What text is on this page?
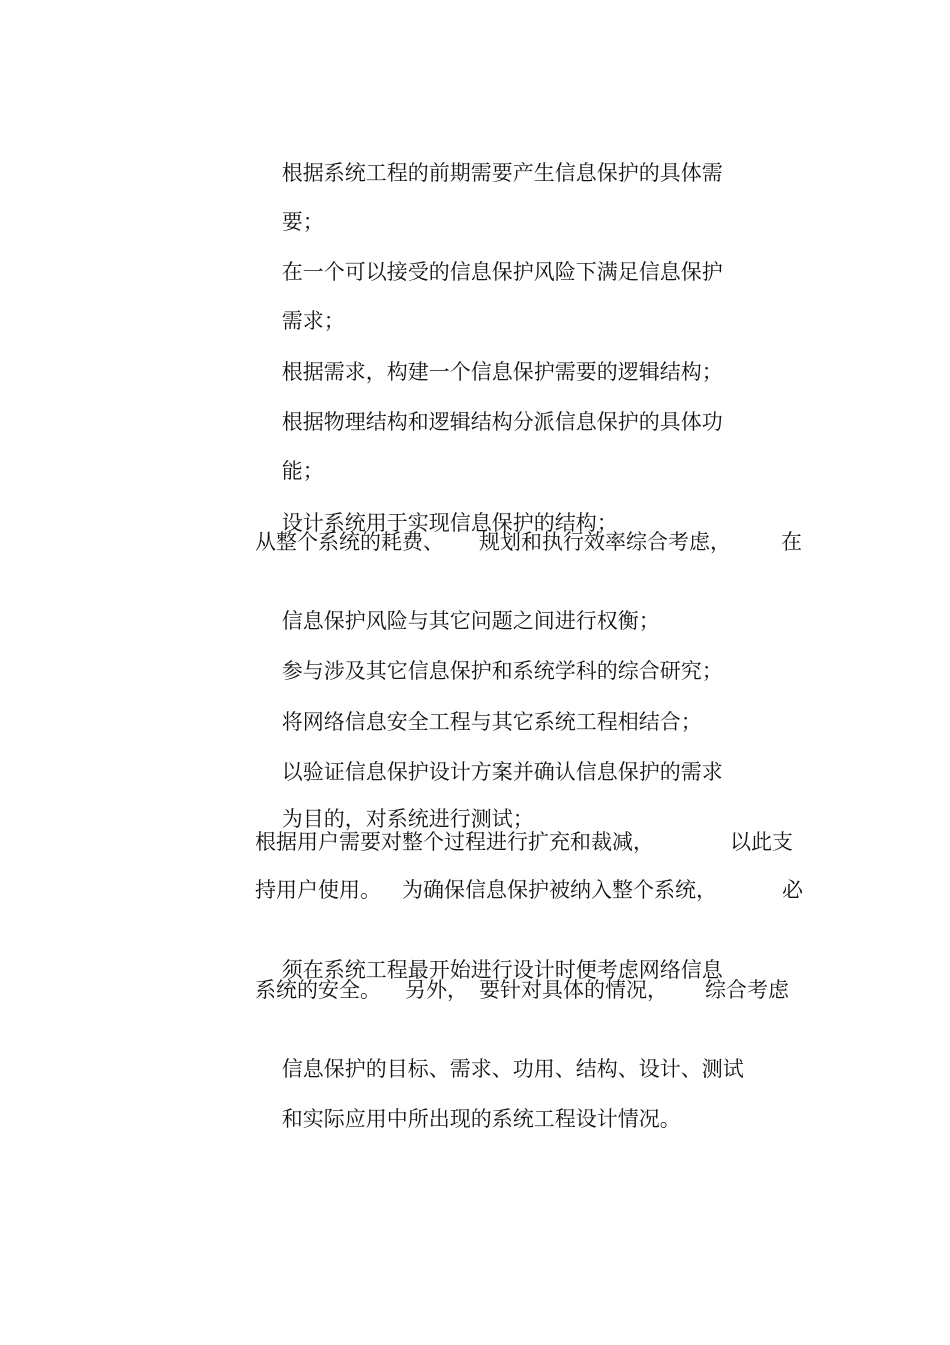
根据系统工程的前期需要产生信息保护的具体需

要；

在一个可以接受的信息保护风险下满足信息保护

需求；

根据需求，构建一个信息保护需要的逻辑结构；

根据物理结构和逻辑结构分派信息保护的具体功

能；

设计系统用于实现信息保护的结构；

从整个系统的耗费、

规划和执行效率综合考虑，

在

信息保护风险与其它问题之间进行权衡；

参与涉及其它信息保护和系统学科的综合研究；

将网络信息安全工程与其它系统工程相结合；

以验证信息保护设计方案并确认信息保护的需求

为目的，对系统进行测试；

根据用户需要对整个过程进行扩充和裁减，

	以此支

持用户使用。

为确保信息保护被纳入整个系统，

	必

须在系统工程最开始进行设计时便考虑网络信息

系统的安全。

另外，

要针对具体的情况，

综合考虑

信息保护的目标、需求、功用、结构、设计、测试

和实际应用中所出现的系统工程设计情况。
